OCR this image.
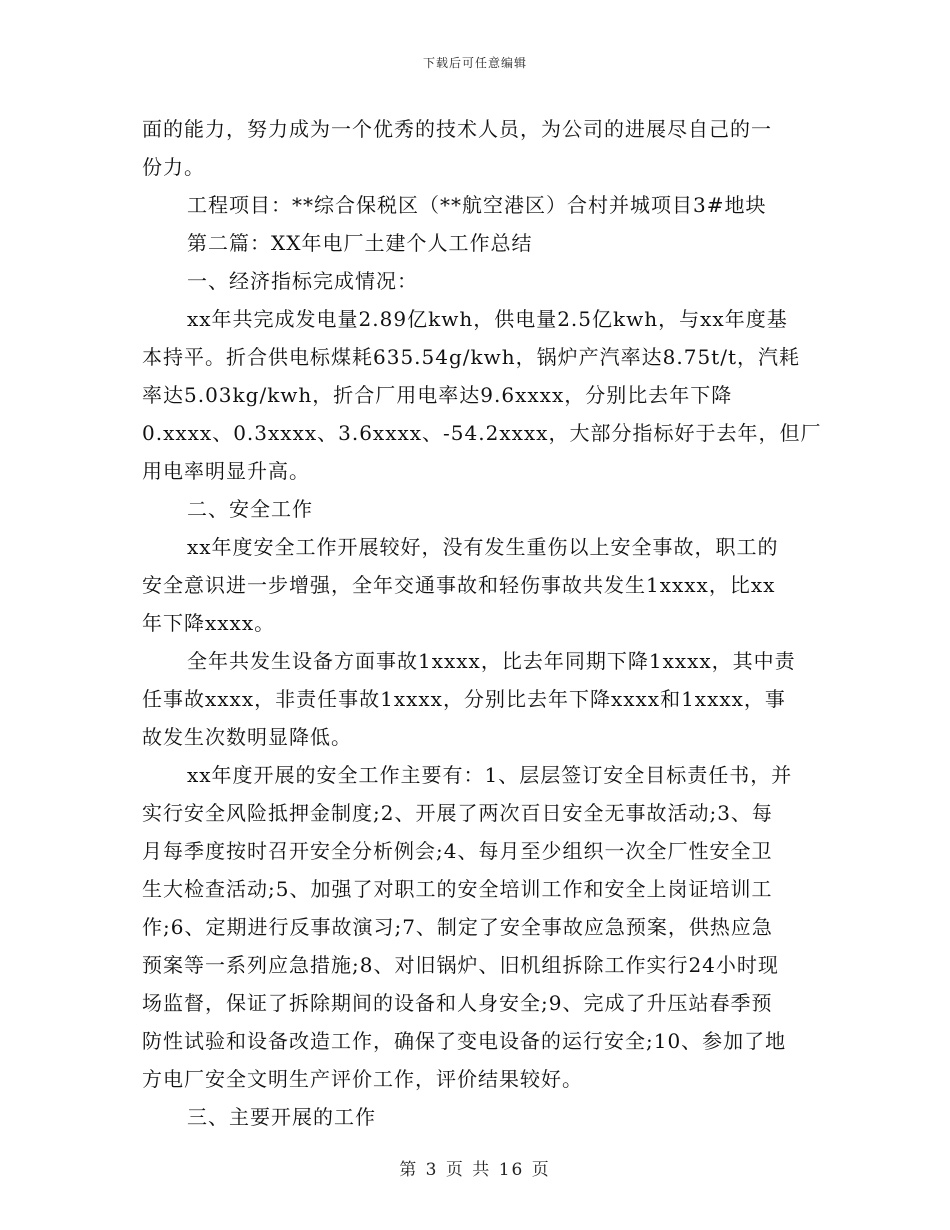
下载后可任意编辑
面的能力，努力成为一个优秀的技术人员，为公司的进展尽自己的一
份力。
工程项目：**综合保税区（**航空港区）合村并城项目3#地块
第二篇：XX年电厂土建个人工作总结
一、经济指标完成情况：
xx年共完成发电量2.89亿kwh，供电量2.5亿kwh，与xx年度基
本持平。折合供电标煤耗635.54g/kwh，锅炉产汽率达8.75t/t，汽耗
率达5.03kg/kwh，折合厂用电率达9.6xxxx，分别比去年下降
0.xxxx、0.3xxxx、3.6xxxx、-54.2xxxx，大部分指标好于去年，但厂
用电率明显升高。
二、安全工作
xx年度安全工作开展较好，没有发生重伤以上安全事故，职工的
安全意识进一步增强，全年交通事故和轻伤事故共发生1xxxx，比xx
年下降xxxx。
全年共发生设备方面事故1xxxx，比去年同期下降1xxxx，其中责
任事故xxxx，非责任事故1xxxx，分别比去年下降xxxx和1xxxx，事
故发生次数明显降低。
xx年度开展的安全工作主要有：1、层层签订安全目标责任书，并
实行安全风险抵押金制度;2、开展了两次百日安全无事故活动;3、每
月每季度按时召开安全分析例会;4、每月至少组织一次全厂性安全卫
生大检查活动;5、加强了对职工的安全培训工作和安全上岗证培训工
作;6、定期进行反事故演习;7、制定了安全事故应急预案，供热应急
预案等一系列应急措施;8、对旧锅炉、旧机组拆除工作实行24小时现
场监督，保证了拆除期间的设备和人身安全;9、完成了升压站春季预
防性试验和设备改造工作，确保了变电设备的运行安全;10、参加了地
方电厂安全文明生产评价工作，评价结果较好。
三、主要开展的工作
第 3 页 共 16 页
